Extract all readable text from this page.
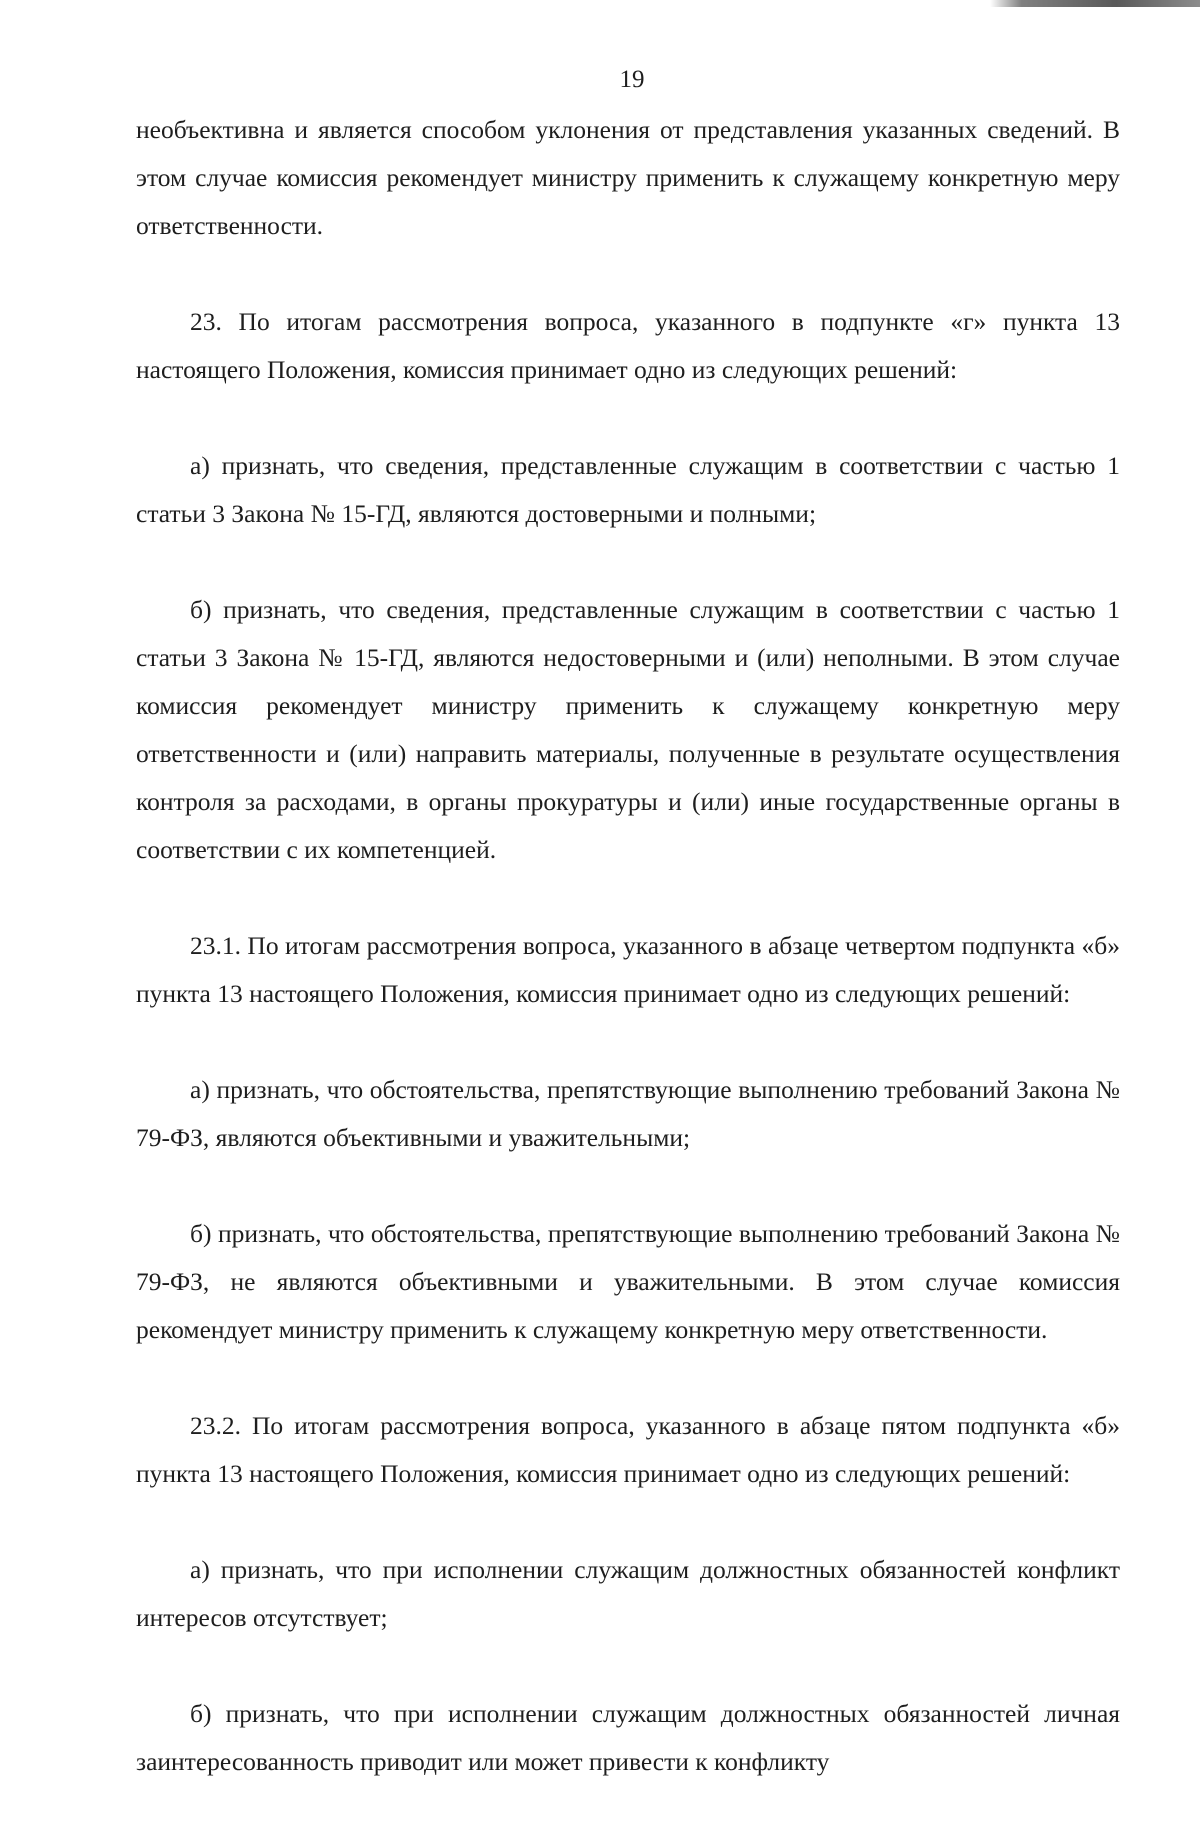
19

необъективна и является способом уклонения от представления указанных сведений. В этом случае комиссия рекомендует министру применить к служащему конкретную меру ответственности.

23. По итогам рассмотрения вопроса, указанного в подпункте «г» пункта 13 настоящего Положения, комиссия принимает одно из следующих решений:

а) признать, что сведения, представленные служащим в соответствии с частью 1 статьи 3 Закона № 15-ГД, являются достоверными и полными;

б) признать, что сведения, представленные служащим в соответствии с частью 1 статьи 3 Закона № 15-ГД, являются недостоверными и (или) неполными. В этом случае комиссия рекомендует министру применить к служащему конкретную меру ответственности и (или) направить материалы, полученные в результате осуществления контроля за расходами, в органы прокуратуры и (или) иные государственные органы в соответствии с их компетенцией.

23.1. По итогам рассмотрения вопроса, указанного в абзаце четвертом подпункта «б» пункта 13 настоящего Положения, комиссия принимает одно из следующих решений:

а) признать, что обстоятельства, препятствующие выполнению требований Закона № 79-ФЗ, являются объективными и уважительными;

б) признать, что обстоятельства, препятствующие выполнению требований Закона № 79-ФЗ, не являются объективными и уважительными. В этом случае комиссия рекомендует министру применить к служащему конкретную меру ответственности.

23.2. По итогам рассмотрения вопроса, указанного в абзаце пятом подпункта «б» пункта 13 настоящего Положения, комиссия принимает одно из следующих решений:

а) признать, что при исполнении служащим должностных обязанностей конфликт интересов отсутствует;

б) признать, что при исполнении служащим должностных обязанностей личная заинтересованность приводит или может привести к конфликту
